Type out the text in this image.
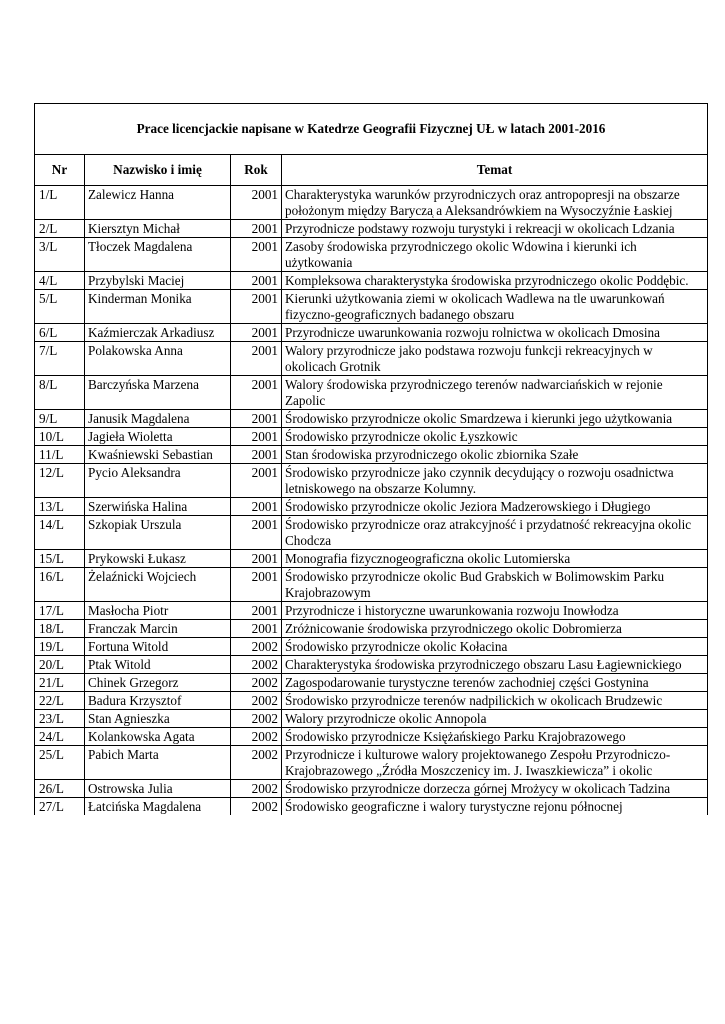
Prace licencjackie napisane w Katedrze Geografii Fizycznej UŁ w latach 2001-2016			
Nr	Nazwisko i imię	Rok	Temat
1/L	Zalewicz Hanna	2001	Charakterystyka warunków przyrodniczych oraz antropopresji na obszarze położonym między Barycza̜ a Aleksandrówkiem na Wysoczyźnie Łaskiej
2/L	Kiersztyn Michał	2001	Przyrodnicze podstawy rozwoju turystyki i rekreacji w okolicach Ldzania
3/L	Tłoczek Magdalena	2001	Zasoby środowiska przyrodniczego okolic Wdowina i kierunki ich użytkowania
4/L	Przybylski Maciej	2001	Kompleksowa charakterystyka środowiska przyrodniczego okolic Poddębic.
5/L	Kinderman Monika	2001	Kierunki użytkowania ziemi w okolicach Wadlewa na tle uwarunkowań fizyczno-geograficznych badanego obszaru
6/L	Kaźmierczak Arkadiusz	2001	Przyrodnicze uwarunkowania rozwoju rolnictwa w okolicach Dmosina
7/L	Polakowska Anna	2001	Walory przyrodnicze jako podstawa rozwoju funkcji rekreacyjnych w okolicach Grotnik
8/L	Barczyńska Marzena	2001	Walory środowiska przyrodniczego terenów nadwarciańskich w rejonie Zapolic
9/L	Janusik Magdalena	2001	Środowisko przyrodnicze okolic Smardzewa i kierunki jego użytkowania
10/L	Jagieła Wioletta	2001	Środowisko przyrodnicze okolic Łyszkowic
11/L	Kwaśniewski Sebastian	2001	Stan środowiska przyrodniczego okolic zbiornika Szałe
12/L	Pycio Aleksandra	2001	Środowisko przyrodnicze jako czynnik decydujący o rozwoju osadnictwa letniskowego na obszarze Kolumny.
13/L	Szerwińska Halina	2001	Środowisko przyrodnicze okolic Jeziora Madzerowskiego i Długiego
14/L	Szkopiak Urszula	2001	Środowisko przyrodnicze oraz atrakcyjność i przydatność rekreacyjna okolic Chodcza
15/L	Prykowski Łukasz	2001	Monografia fizycznogeograficzna okolic Lutomierska
16/L	Żelaźnicki Wojciech	2001	Środowisko przyrodnicze okolic Bud Grabskich w Bolimowskim Parku Krajobrazowym
17/L	Masłocha Piotr	2001	Przyrodnicze i historyczne uwarunkowania rozwoju Inowłodza
18/L	Franczak Marcin	2001	Zróżnicowanie środowiska przyrodniczego okolic Dobromierza
19/L	Fortuna Witold	2002	Środowisko przyrodnicze okolic Kołacina
20/L	Ptak Witold	2002	Charakterystyka środowiska przyrodniczego obszaru Lasu Łagiewnickiego
21/L	Chinek Grzegorz	2002	Zagospodarowanie turystyczne terenów zachodniej części Gostynina
22/L	Badura Krzysztof	2002	Środowisko przyrodnicze terenów nadpilickich w okolicach Brudzewic
23/L	Stan Agnieszka	2002	Walory przyrodnicze okolic Annopola
24/L	Kolankowska Agata	2002	Środowisko przyrodnicze Księżańskiego Parku Krajobrazowego
25/L	Pabich Marta	2002	Przyrodnicze i kulturowe walory projektowanego Zespołu Przyrodniczo-Krajobrazowego „Źródła Moszczenicy im. J. Iwaszkiewicza” i okolic
26/L	Ostrowska Julia	2002	Środowisko przyrodnicze dorzecza górnej Mrożycy w okolicach Tadzina
27/L	Łatcińska Magdalena	2002	Środowisko geograficzne i walory turystyczne rejonu północnej
